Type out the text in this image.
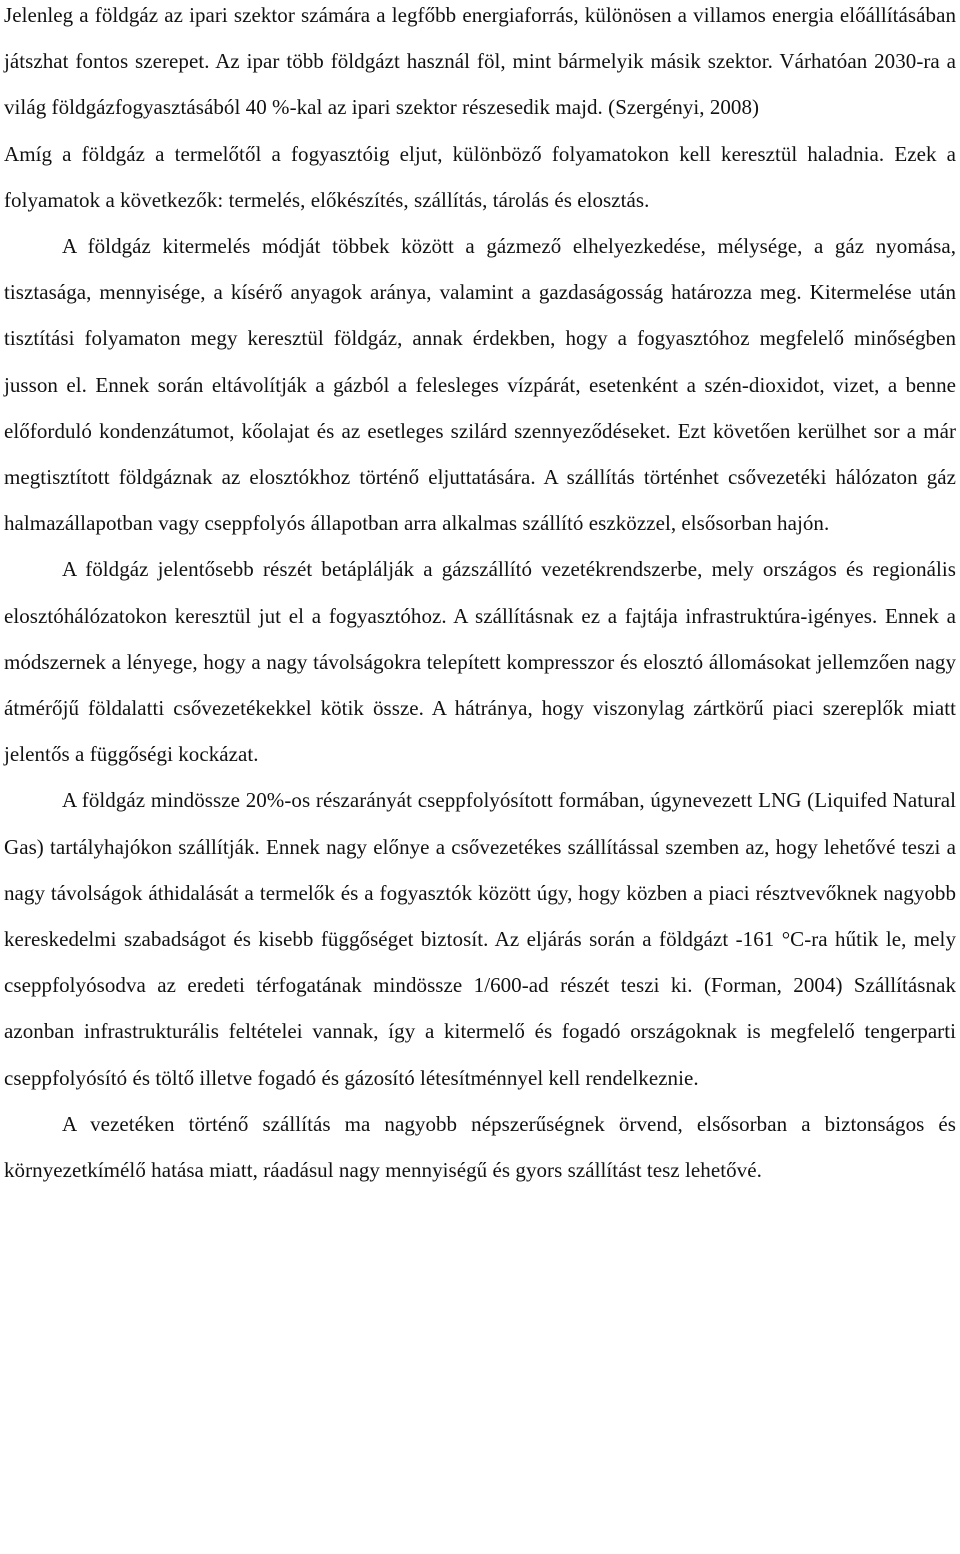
Jelenleg a földgáz az ipari szektor számára a legfőbb energiaforrás, különösen a villamos energia előállításában játszhat fontos szerepet. Az ipar több földgázt használ föl, mint bármelyik másik szektor. Várhatóan 2030-ra a világ földgázfogyasztásából 40 %-kal az ipari szektor részesedik majd. (Szergényi, 2008)

Amíg a földgáz a termelőtől a fogyasztóig eljut, különböző folyamatokon kell keresztül haladnia. Ezek a folyamatok a következők: termelés, előkészítés, szállítás, tárolás és elosztás.

A földgáz kitermelés módját többek között a gázmező elhelyezkedése, mélysége, a gáz nyomása, tisztasága, mennyisége, a kísérő anyagok aránya, valamint a gazdaságosság határozza meg. Kitermelése után tisztítási folyamaton megy keresztül földgáz, annak érdekben, hogy a fogyasztóhoz megfelelő minőségben jusson el. Ennek során eltávolítják a gázból a felesleges vízpárát, esetenként a szén-dioxidot, vizet, a benne előforduló kondenzátumot, kőolajat és az esetleges szilárd szennyeződéseket. Ezt követően kerülhet sor a már megtisztított földgáznak az elosztókhoz történő eljuttatására. A szállítás történhet csővezetéki hálózaton gáz halmazállapotban vagy cseppfolyós állapotban arra alkalmas szállító eszközzel, elsősorban hajón.

A földgáz jelentősebb részét betáplálják a gázszállító vezetékrendszerbe, mely országos és regionális elosztóhálózatokon keresztül jut el a fogyasztóhoz. A szállításnak ez a fajtája infrastruktúra-igényes. Ennek a módszernek a lényege, hogy a nagy távolságokra telepített kompresszor és elosztó állomásokat jellemzően nagy átmérőjű földalatti csővezetékekkel kötik össze. A hátránya, hogy viszonylag zártkörű piaci szereplők miatt jelentős a függőségi kockázat.

A földgáz mindössze 20%-os részarányát cseppfolyósított formában, úgynevezett LNG (Liquifed Natural Gas) tartályhajókon szállítják. Ennek nagy előnye a csővezetékes szállítással szemben az, hogy lehetővé teszi a nagy távolságok áthidalását a termelők és a fogyasztók között úgy, hogy közben a piaci résztvevőknek nagyobb kereskedelmi szabadságot és kisebb függőséget biztosít. Az eljárás során a földgázt -161 °C-ra hűtik le, mely cseppfolyósodva az eredeti térfogatának mindössze 1/600-ad részét teszi ki. (Forman, 2004) Szállításnak azonban infrastrukturális feltételei vannak, így a kitermelő és fogadó országoknak is megfelelő tengerparti cseppfolyósító és töltő illetve fogadó és gázosító létesítménnyel kell rendelkeznie.

A vezetéken történő szállítás ma nagyobb népszerűségnek örvend, elsősorban a biztonságos és környezetkímélő hatása miatt, ráadásul nagy mennyiségű és gyors szállítást tesz lehetővé.
